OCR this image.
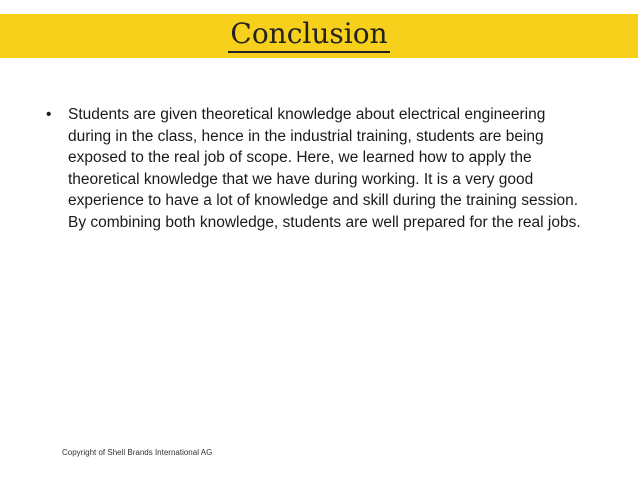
Conclusion
•	Students are given theoretical knowledge about electrical engineering during in the class, hence in the industrial training, students are being exposed to the real job of scope. Here, we learned how to apply the theoretical knowledge that we have during working. It is a very good experience to have a lot of knowledge and skill during the training session. By combining both knowledge, students are well prepared for the real jobs.
Copyright of Shell Brands International AG
